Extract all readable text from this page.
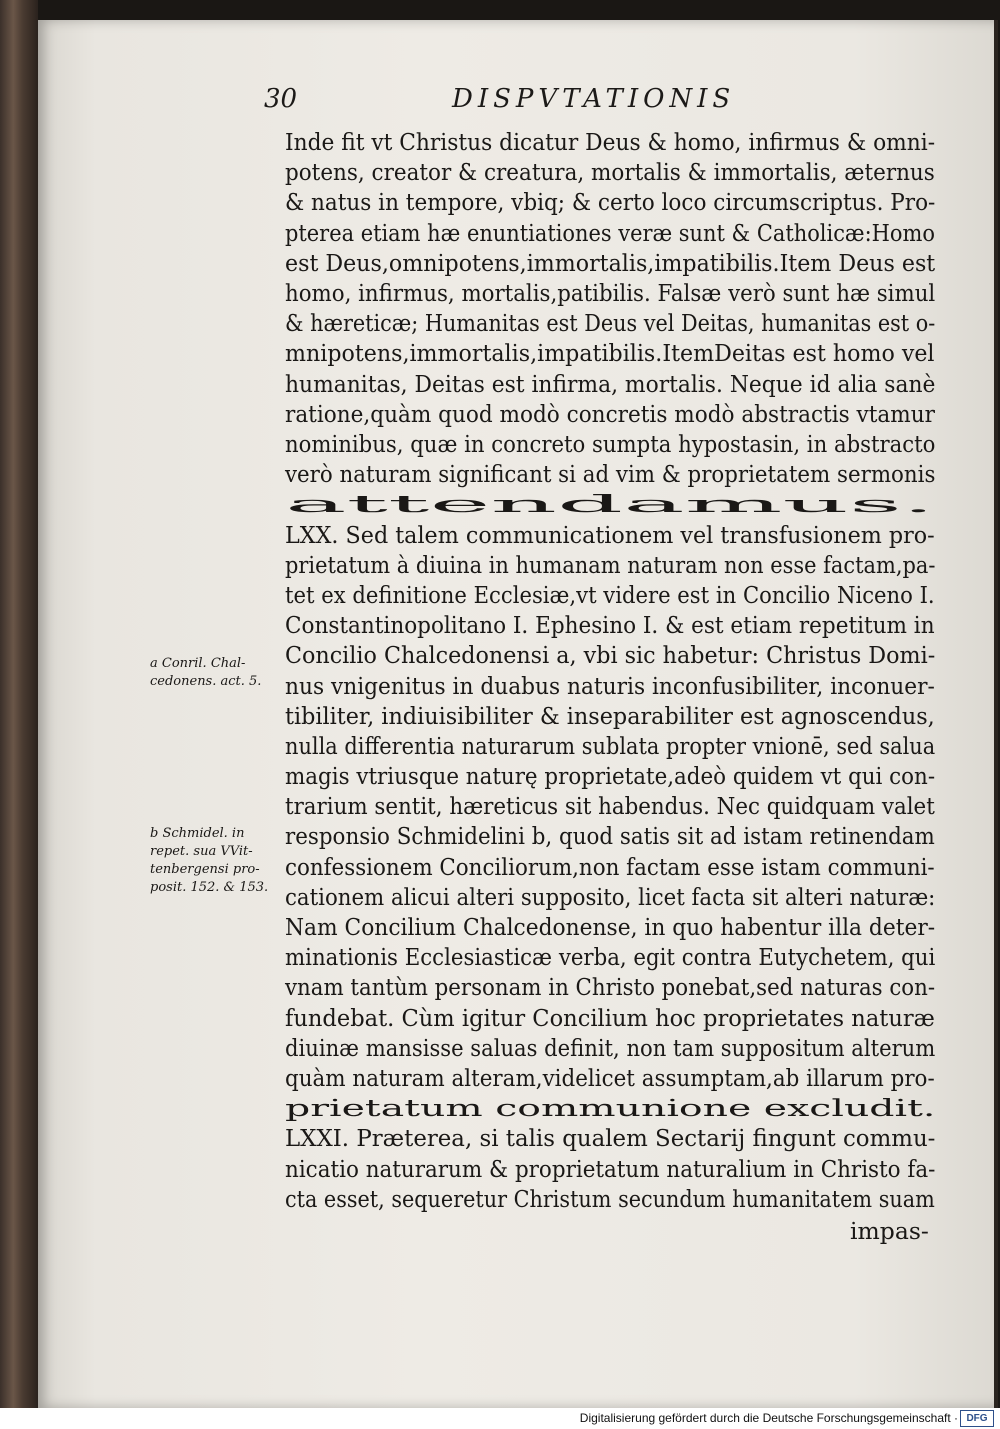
30	DISPVTATIONIS
Inde fit vt Christus dicatur Deus & homo, infirmus & omni-
potens, creator & creatura, mortalis & immortalis, æternus
& natus in tempore, vbiq; & certo loco circumscriptus. Pro-
pterea etiam hæ enuntiationes veræ sunt & Catholicæ:Homo
est Deus,omnipotens,immortalis,impatibilis.Item Deus est
homo, infirmus, mortalis,patibilis. Falsæ verò sunt hæ simul
& hæreticæ; Humanitas est Deus vel Deitas, humanitas est o-
mnipotens,immortalis,impatibilis.ItemDeitas est homo vel
humanitas, Deitas est infirma, mortalis. Neque id alia sanè
ratione,quàm quod modò concretis modò abstractis vtamur
nominibus, quæ in concreto sumpta hypostasin, in abstracto
verò naturam significant si ad vim & proprietatem sermonis
attendamus.
LXX. Sed talem communicationem vel transfusionem pro-
prietatum à diuina in humanam naturam non esse factam,pa-
tet ex definitione Ecclesiæ,vt videre est in Concilio Niceno I.
Constantinopolitano I. Ephesino I. & est etiam repetitum in
Concilio Chalcedonensi a, vbi sic habetur: Christus Domi-
nus vnigenitus in duabus naturis inconfusibiliter, inconuer-
tibiliter, indiuisibiliter & inseparabiliter est agnoscendus,
nulla differentia naturarum sublata propter vnionē, sed salua
magis vtriusque naturę proprietate,adeò quidem vt qui con-
trarium sentit, hæreticus sit habendus. Nec quidquam valet
responsio Schmidelini b, quod satis sit ad istam retinendam
confessionem Conciliorum,non factam esse istam communi-
cationem alicui alteri supposito, licet facta sit alteri naturæ:
Nam Concilium Chalcedonense, in quo habentur illa deter-
minationis Ecclesiasticæ verba, egit contra Eutychetem, qui
vnam tantùm personam in Christo ponebat,sed naturas con-
fundebat. Cùm igitur Concilium hoc proprietates naturæ
diuinæ mansisse saluas definit, non tam suppositum alterum
quàm naturam alteram,videlicet assumptam,ab illarum pro-
prietatum communione excludit.
LXXI. Præterea, si talis qualem Sectarij fingunt commu-
nicatio naturarum & proprietatum naturalium in Christo fa-
cta esset, sequeretur Christum secundum humanitatem suam
impas-
a Conril. Chal-
cedonens. act. 5.
b Schmidel. in
repet. sua VVit-
tenbergensi pro-
posit. 152. & 153.
Digitalisierung gefördert durch die Deutsche Forschungsgemeinschaft · DFG
